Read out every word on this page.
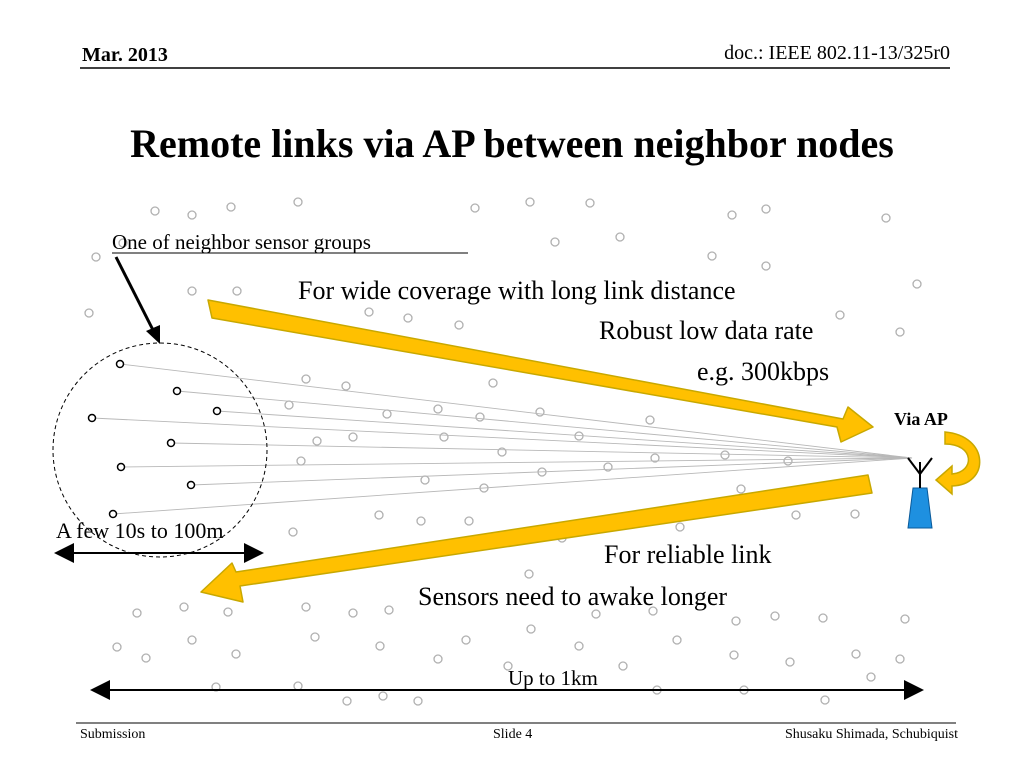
Mar. 2013	doc.: IEEE 802.11-13/325r0
Remote links via AP between neighbor nodes
One of neighbor sensor groups
For wide coverage with long link distance
Robust low data rate
e.g. 300kbps
Via AP
For reliable link
Sensors need to awake longer
A few 10s to 100m
Up to 1km
Submission	Slide 4	Shusaku Shimada, Schubiquist
